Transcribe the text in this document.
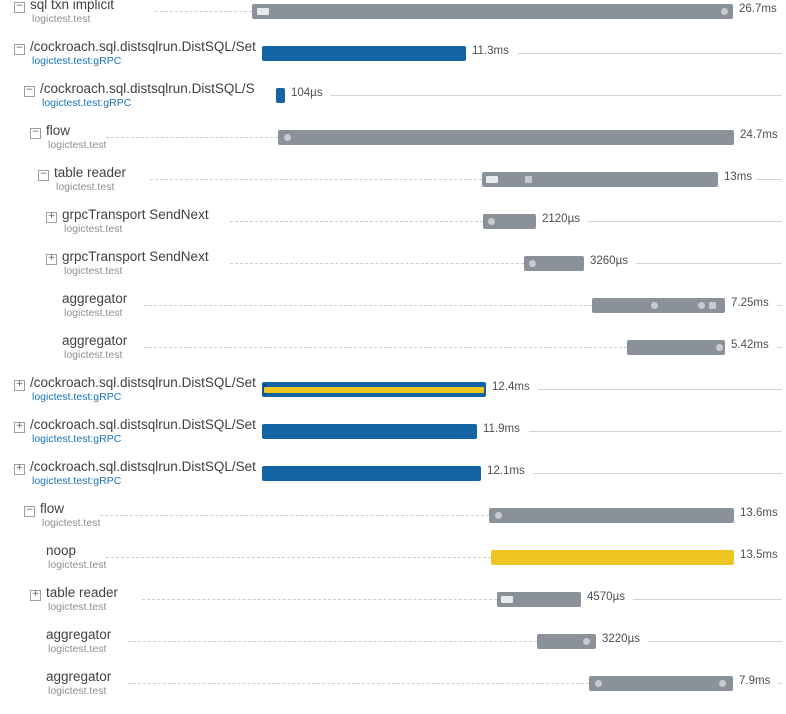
−
sql txn implicit
logictest.test
26.7ms
−
/cockroach.sql.distsqlrun.DistSQL/Set
logictest.test:gRPC
11.3ms
−
/cockroach.sql.distsqlrun.DistSQL/S
logictest.test:gRPC
104µs
−
flow
logictest.test
24.7ms
−
table reader
logictest.test
13ms
+
grpcTransport SendNext
logictest.test
2120µs
+
grpcTransport SendNext
logictest.test
3260µs
aggregator
logictest.test
7.25ms
aggregator
logictest.test
5.42ms
+
/cockroach.sql.distsqlrun.DistSQL/Set
logictest.test:gRPC
12.4ms
+
/cockroach.sql.distsqlrun.DistSQL/Set
logictest.test:gRPC
11.9ms
+
/cockroach.sql.distsqlrun.DistSQL/Set
logictest.test:gRPC
12.1ms
−
flow
logictest.test
13.6ms
noop
logictest.test
13.5ms
+
table reader
logictest.test
4570µs
aggregator
logictest.test
3220µs
aggregator
logictest.test
7.9ms
